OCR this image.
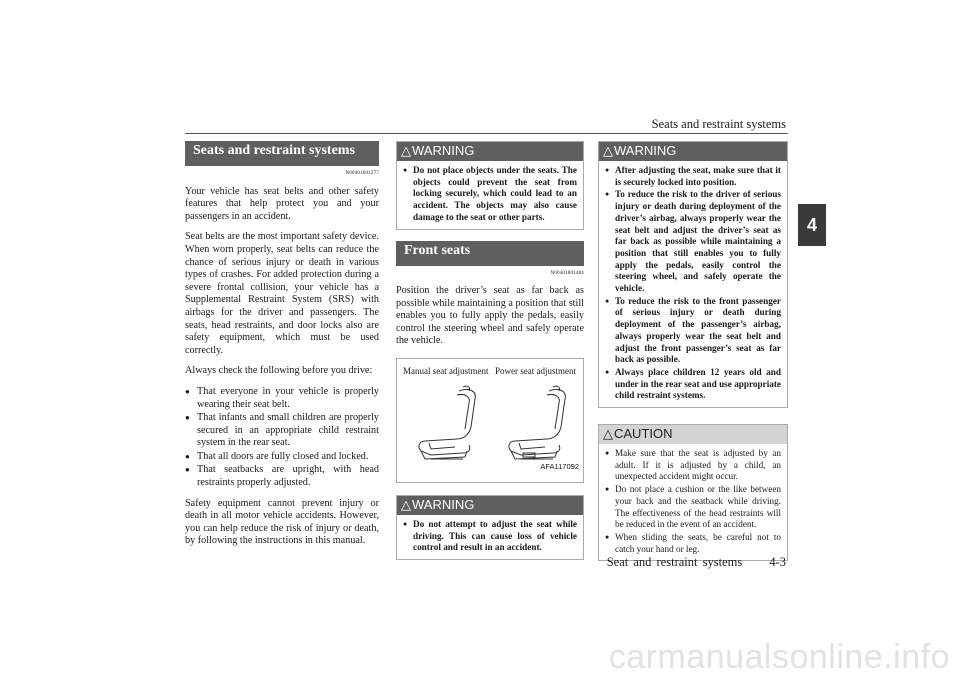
Seats and restraint systems
4
Seats and restraint systems
N00401601277

Your vehicle has seat belts and other safety features that help protect you and your passengers in an accident.

Seat belts are the most important safety device. When worn properly, seat belts can reduce the chance of serious injury or death in various types of crashes. For added protection during a severe frontal collision, your vehicle has a Supplemental Restraint System (SRS) with airbags for the driver and passengers. The seats, head restraints, and door locks also are safety equipment, which must be used correctly.

Always check the following before you drive:

● That everyone in your vehicle is properly wearing their seat belt.
● That infants and small children are properly secured in an appropriate child restraint system in the rear seat.
● That all doors are fully closed and locked.
● That seatbacks are upright, with head restraints properly adjusted.

Safety equipment cannot prevent injury or death in all motor vehicle accidents. However, you can help reduce the risk of injury or death, by following the instructions in this manual.

△ WARNING
● Do not place objects under the seats. The objects could prevent the seat from locking securely, which could lead to an accident. The objects may also cause damage to the seat or other parts.
Front seats
N00401801484

Position the driver’s seat as far back as possible while maintaining a position that still enables you to fully apply the pedals, easily control the steering wheel and safely operate the vehicle.

Manual seat adjustment Power seat adjustment
AFA117092
△ WARNING
● Do not attempt to adjust the seat while driving. This can cause loss of vehicle control and result in an accident.
△ WARNING
● After adjusting the seat, make sure that it is securely locked into position.
● To reduce the risk to the driver of serious injury or death during deployment of the driver’s airbag, always properly wear the seat belt and adjust the driver’s seat as far back as possible while maintaining a position that still enables you to fully apply the pedals, easily control the steering wheel, and safely operate the vehicle.
● To reduce the risk to the front passenger of serious injury or death during deployment of the passenger’s airbag, always properly wear the seat belt and adjust the front passenger’s seat as far back as possible.
● Always place children 12 years old and under in the rear seat and use appropriate child restraint systems.
△ CAUTION
● Make sure that the seat is adjusted by an adult. If it is adjusted by a child, an unexpected accident might occur.
● Do not place a cushion or the like between your back and the seatback while driving. The effectiveness of the head restraints will be reduced in the event of an accident.
● When sliding the seats, be careful not to catch your hand or leg.
Seat and restraint systems 4-3
carmanualsonline.info
